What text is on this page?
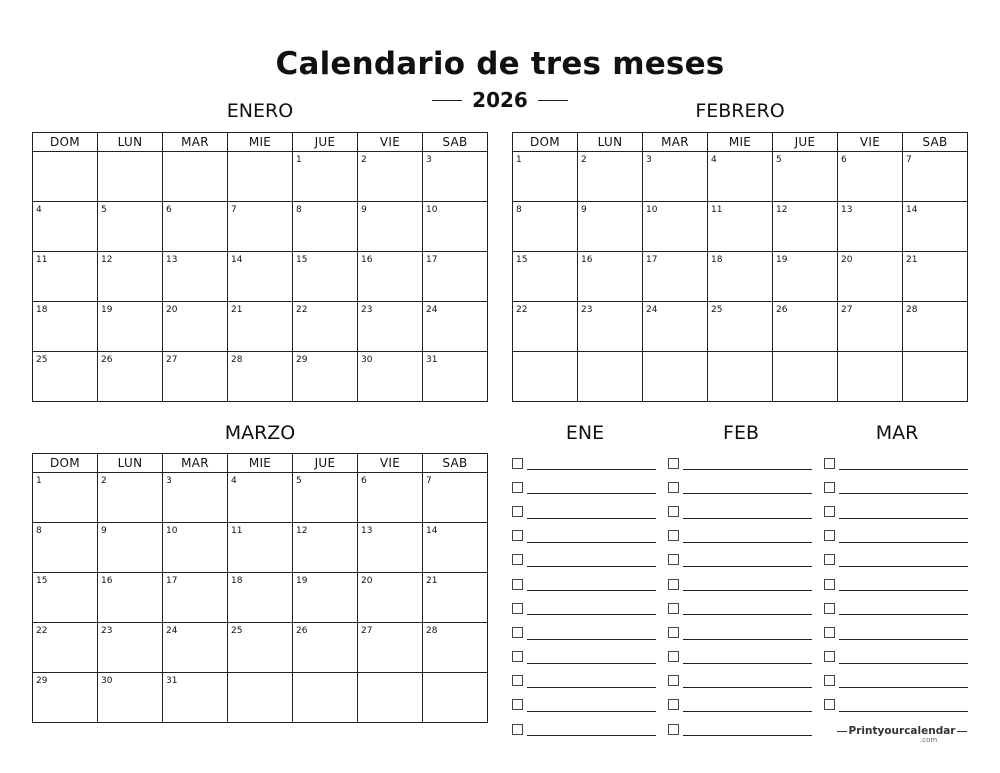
Calendario de tres meses
2026
ENERO
DOM	LUN	MAR	MIE	JUE	VIE	SAB
				1	2	3
4	5	6	7	8	9	10
11	12	13	14	15	16	17
18	19	20	21	22	23	24
25	26	27	28	29	30	31
FEBRERO
DOM	LUN	MAR	MIE	JUE	VIE	SAB
1	2	3	4	5	6	7
8	9	10	11	12	13	14
15	16	17	18	19	20	21
22	23	24	25	26	27	28

MARZO
DOM	LUN	MAR	MIE	JUE	VIE	SAB
1	2	3	4	5	6	7
8	9	10	11	12	13	14
15	16	17	18	19	20	21
22	23	24	25	26	27	28
29	30	31				
ENE	FEB	MAR
Printyourcalendar
.com
